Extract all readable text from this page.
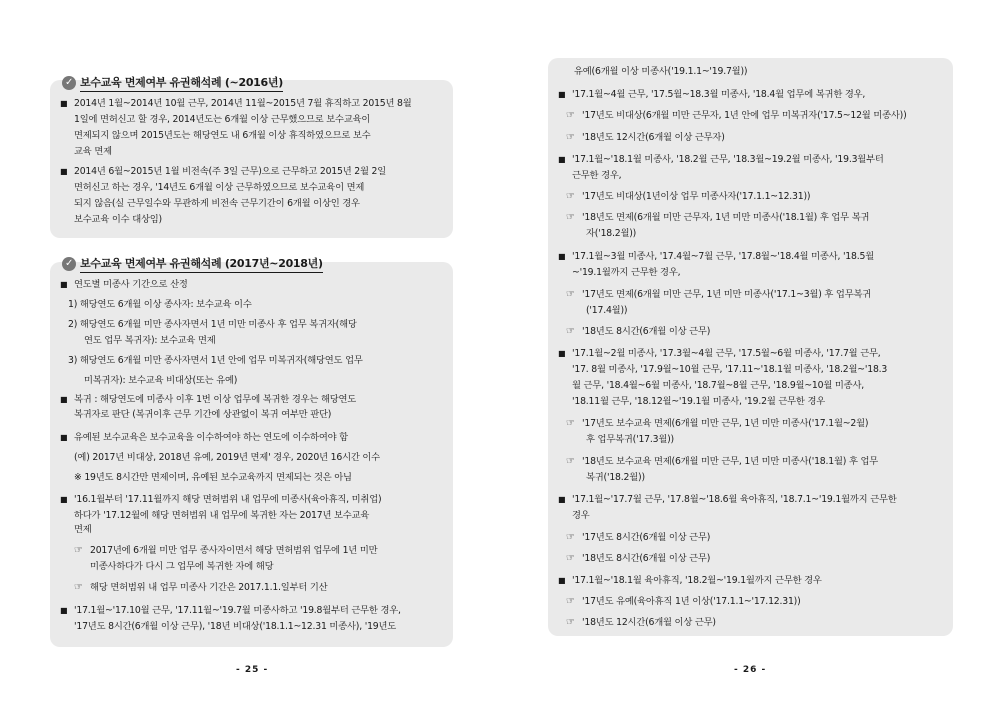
✓ 보수교육 면제여부 유권해석례 (~2016년)
■ 2014년 1월~2014년 10월 근무, 2014년 11월~2015년 7월 휴직하고 2015년 8월
1일에 면허신고 할 경우, 2014년도는 6개월 이상 근무했으므로 보수교육이
면제되지 않으며 2015년도는 해당연도 내 6개월 이상 휴직하였으므로 보수
교육 면제
■ 2014년 6월~2015년 1월 비전속(주 3일 근무)으로 근무하고 2015년 2월 2일
면허신고 하는 경우, '14년도 6개월 이상 근무하였으므로 보수교육이 면제
되지 않음(실 근무일수와 무관하게 비전속 근무기간이 6개월 이상인 경우
보수교육 이수 대상임)
✓ 보수교육 면제여부 유권해석례 (2017년~2018년)
■ 연도별 미종사 기간으로 산정
1) 해당연도 6개월 이상 종사자: 보수교육 이수
2) 해당연도 6개월 미만 종사자면서 1년 미만 미종사 후 업무 복귀자(해당
연도 업무 복귀자): 보수교육 면제
3) 해당연도 6개월 미만 종사자면서 1년 안에 업무 미복귀자(해당연도 업무
미복귀자): 보수교육 비대상(또는 유예)
■ 복귀 : 해당연도에 미종사 이후 1번 이상 업무에 복귀한 경우는 해당연도
복귀자로 판단 (복귀이후 근무 기간에 상관없이 복귀 여부만 판단)
■ 유예된 보수교육은 보수교육을 이수하여야 하는 연도에 이수하여야 함
(예) 2017년 비대상, 2018년 유예, 2019년 면제' 경우, 2020년 16시간 이수
※ 19년도 8시간만 면제이며, 유예된 보수교육까지 면제되는 것은 아님
■ '16.1월부터 '17.11월까지 해당 면허범위 내 업무에 미종사(육아휴직, 미취업)
하다가 '17.12월에 해당 면허범위 내 업무에 복귀한 자는 2017년 보수교육
면제
☞ 2017년에 6개월 미만 업무 종사자이면서 해당 면허범위 업무에 1년 미만
미종사하다가 다시 그 업무에 복귀한 자에 해당
☞ 해당 면허범위 내 업무 미종사 기간은 2017.1.1.일부터 기산
■ '17.1월~'17.10월 근무, '17.11월~'19.7월 미종사하고 '19.8월부터 근무한 경우,
'17년도 8시간(6개월 이상 근무), '18년 비대상('18.1.1~12.31 미종사), '19년도
- 25 -
유예(6개월 이상 미종사('19.1.1~'19.7월))
■ '17.1월~4월 근무, '17.5월~18.3월 미종사, '18.4월 업무에 복귀한 경우,
☞ '17년도 비대상(6개월 미만 근무자, 1년 안에 업무 미복귀자('17.5~12월 미종사))
☞ '18년도 12시간(6개월 이상 근무자)
■ '17.1월~'18.1월 미종사, '18.2월 근무, '18.3월~19.2월 미종사, '19.3월부터
근무한 경우,
☞ '17년도 비대상(1년이상 업무 미종사자('17.1.1~12.31))
☞ '18년도 면제(6개월 미만 근무자, 1년 미만 미종사('18.1월) 후 업무 복귀
자('18.2월))
■ '17.1월~3월 미종사, '17.4월~7월 근무, '17.8월~'18.4월 미종사, '18.5월
~'19.1월까지 근무한 경우,
☞ '17년도 면제(6개월 미만 근무, 1년 미만 미종사('17.1~3월) 후 업무복귀
('17.4월))
☞ '18년도 8시간(6개월 이상 근무)
■ '17.1월~2월 미종사, '17.3월~4월 근무, '17.5월~6월 미종사, '17.7월 근무,
'17. 8월 미종사, '17.9월~10월 근무, '17.11~'18.1월 미종사, '18.2월~'18.3
월 근무, '18.4월~6월 미종사, '18.7월~8월 근무, '18.9월~10월 미종사,
'18.11월 근무, '18.12월~'19.1월 미종사, '19.2월 근무한 경우
☞ '17년도 보수교육 면제(6개월 미만 근무, 1년 미만 미종사('17.1월~2월)
후 업무복귀('17.3월))
☞ '18년도 보수교육 면제(6개월 미만 근무, 1년 미만 미종사('18.1월) 후 업무
복귀('18.2월))
■ '17.1월~'17.7월 근무, '17.8월~'18.6월 육아휴직, '18.7.1~'19.1월까지 근무한
경우
☞ '17년도 8시간(6개월 이상 근무)
☞ '18년도 8시간(6개월 이상 근무)
■ '17.1월~'18.1월 육아휴직, '18.2월~'19.1월까지 근무한 경우
☞ '17년도 유예(육아휴직 1년 이상('17.1.1~'17.12.31))
☞ '18년도 12시간(6개월 이상 근무)
- 26 -
